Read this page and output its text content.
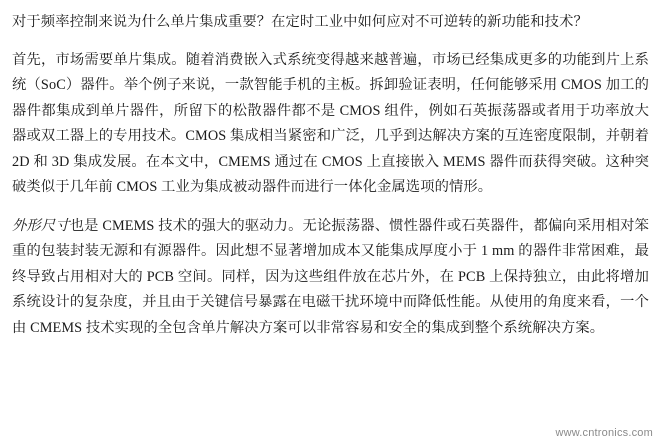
对于频率控制来说为什么单片集成重要？在定时工业中如何应对不可逆转的新功能和技术？

首先，市场需要单片集成。随着消费嵌入式系统变得越来越普遍，市场已经集成更多的功能到片上系统（SoC）器件。举个例子来说，一款智能手机的主板。拆卸验证表明，任何能够采用 CMOS 加工的器件都集成到单片器件，所留下的松散器件都不是 CMOS 组件，例如石英振荡器或者用于功率放大器或双工器上的专用技术。CMOS 集成相当紧密和广泛，几乎到达解决方案的互连密度限制，并朝着 2D 和 3D 集成发展。在本文中，CMEMS 通过在 CMOS 上直接嵌入 MEMS 器件而获得突破。这种突破类似于几年前 CMOS 工业为集成被动器件而进行一体化金属选项的情形。

外形尺寸也是 CMEMS 技术的强大的驱动力。无论振荡器、惯性器件或石英器件，都偏向采用相对笨重的包装封装无源和有源器件。因此想不显著增加成本又能集成厚度小于 1 mm 的器件非常困难，最终导致占用相对大的 PCB 空间。同样，因为这些组件放在芯片外，在 PCB 上保持独立，由此将增加系统设计的复杂度，并且由于关键信号暴露在电磁干扰环境中而降低性能。从使用的角度来看，一个由 CMEMS 技术实现的全包含单片解决方案可以非常容易和安全的集成到整个系统解决方案。

www.cntronics.com
